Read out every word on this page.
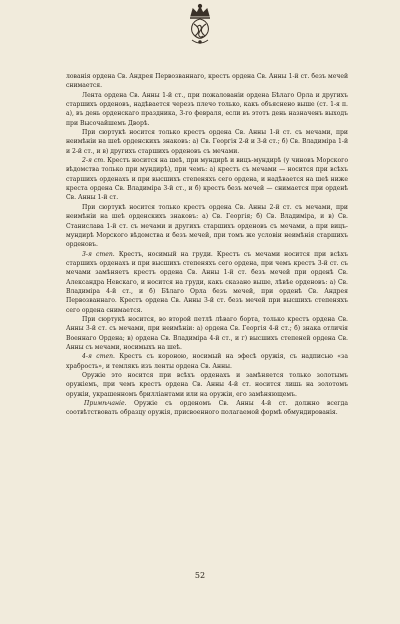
лованія ордена Св. Андрея Первозваннаго, крестъ ордена Св. Анны 1-й ст. безъ мечей снимается.

Лента ордена Св. Анны 1-й ст., при пожалованіи ордена Бѣлаго Орла и другихъ старшихъ орденовъ, надѣвается черезъ плечо только, какъ объяснено выше (ст. 1-я п. а), въ день орденскаго праздника, 3-го февраля, если въ этотъ день назначенъ выходъ при Высочайшемъ Дворѣ.

При сюртукѣ носится только крестъ ордена Св. Анны 1-й ст. съ мечами, при неимѣніи на шеѣ орденскихъ знаковъ: а) Св. Георгія 2-й и 3-й ст.; б) Св. Владиміра 1-й и 2-й ст., и в) другихъ старшихъ орденовъ съ мечами.

2-я ст. Крестъ носится на шеѣ, при мундирѣ и вицъ-мундирѣ (у чиновъ Морского вѣдомства только при мундирѣ), при чемъ: а) крестъ съ мечами — носится при всѣхъ старшихъ орденахъ и при высшихъ степеняхъ сего ордена, и надѣвается на шеѣ ниже креста ордена Св. Владиміра 3-й ст., и б) крестъ безъ мечей — снимается при орденѣ Св. Анны 1-й ст.

При сюртукѣ носится только крестъ ордена Св. Анны 2-й ст. съ мечами, при неимѣніи на шеѣ орденскихъ знаковъ: а) Св. Георгія; б) Св. Владиміра, и в) Св. Станислава 1-й ст. съ мечами и другихъ старшихъ орденовъ съ мечами, а при вицъ-мундирѣ Морского вѣдомства и безъ мечей, при томъ же условіи неимѣнія старшихъ орденовъ.

3-я степ. Крестъ, носимый на груди. Крестъ съ мечами носится при всѣхъ старшихъ орденахъ и при высшихъ степеняхъ сего ордена, при чемъ крестъ 3-й ст. съ мечами замѣняетъ крестъ ордена Св. Анны 1-й ст. безъ мечей при орденѣ Св. Александра Невскаго, и носится на груди, какъ сказано выше, лѣвѣе орденовъ: а) Св. Владиміра 4-й ст., и б) Бѣлаго Орла безъ мечей, при орденѣ Св. Андрея Первозваннаго. Крестъ ордена Св. Анны 3-й ст. безъ мечей при высшихъ степеняхъ сего ордена снимается.

При сюртукѣ носится, во второй петлѣ лѣваго борта, только крестъ ордена Св. Анны 3-й ст. съ мечами, при неимѣніи: а) ордена Св. Георгія 4-й ст.; б) знака отличія Военнаго Ордена; в) ордена Св. Владиміра 4-й ст., и г) высшихъ степеней ордена Св. Анны съ мечами, носимыхъ на шеѣ.

4-я степ. Крестъ съ короною, носимый на эфесѣ оружія, съ надписью «за храбрость», и темлякъ изъ ленты ордена Св. Анны.

Оружіе это носится при всѣхъ орденахъ и замѣняется только золотымъ оружіемъ, при чемъ крестъ ордена Св. Анны 4-й ст. носится лишь на золотомъ оружіи, украшенномъ брилліантами или на оружіи, его замѣняющемъ.

Примѣчаніе. Оружіе съ орденомъ Св. Анны 4-й ст. должно всегда соотвѣтствовать образцу оружія, присвоенного полагаемой формѣ обмундированія.

52
